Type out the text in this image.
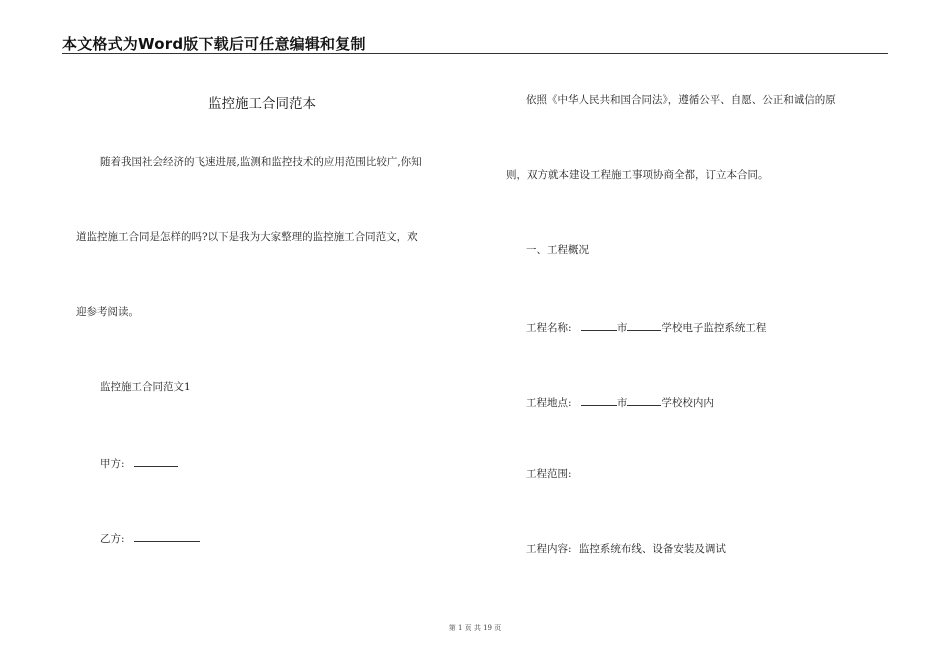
本文格式为Word版下载后可任意编辑和复制
监控施工合同范本
随着我国社会经济的飞速进展,监测和监控技术的应用范围比较广,你知
道监控施工合同是怎样的吗?以下是我为大家整理的监控施工合同范文，欢
迎参考阅读。
监控施工合同范文1
甲方:
乙方:
依照《中华人民共和国合同法》，遵循公平、自愿、公正和诚信的原
则，双方就本建设工程施工事项协商全都，订立本合同。
一、工程概况
工程名称:	市	学校电子监控系统工程
工程地点:	市	学校校内内
工程范围:
工程内容: 监控系统布线、设备安装及调试
第 1 页 共 19 页
